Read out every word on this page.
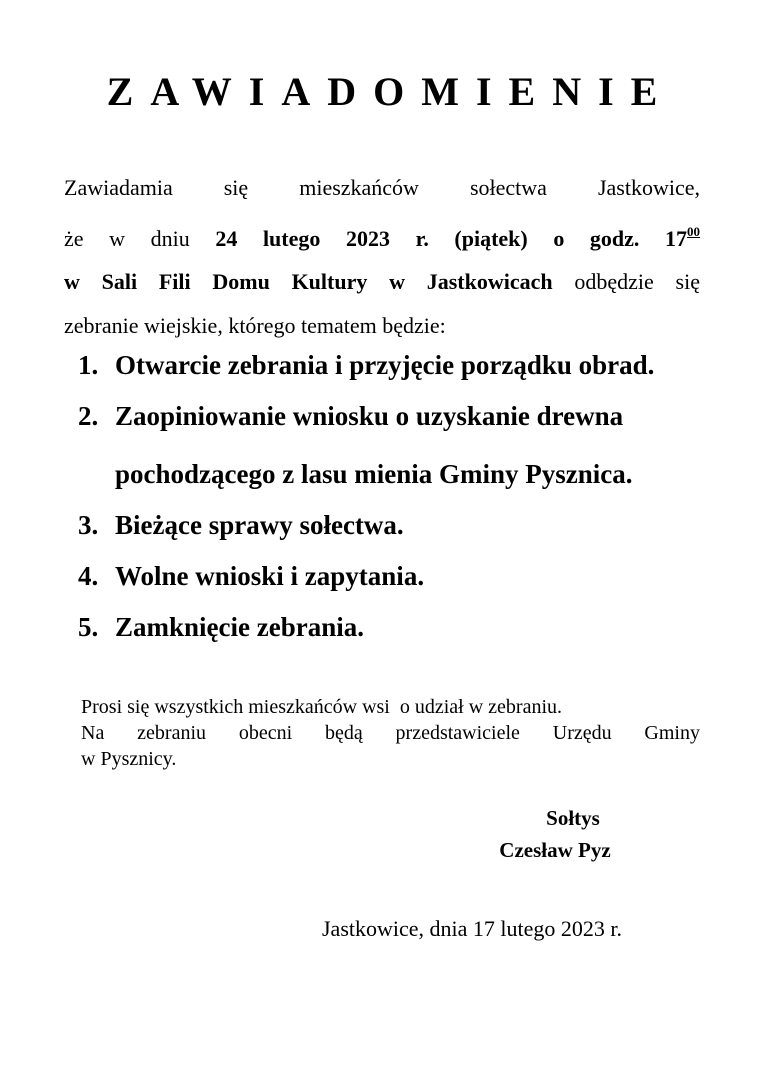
ZAWIADOMIENIE
Zawiadamia się mieszkańców sołectwa Jastkowice,
że w dniu 24 lutego 2023 r. (piątek) o godz. $17^{00}$
w Sali Fili Domu Kultury w Jastkowicach odbędzie się
zebranie wiejskie, którego tematem będzie:
1. Otwarcie zebrania i przyjęcie porządku obrad.
2. Zaopiniowanie wniosku o uzyskanie drewna
pochodzącego z lasu mienia Gminy Pysznica.
3. Bieżące sprawy sołectwa.
4. Wolne wnioski i zapytania.
5. Zamknięcie zebrania.
Prosi się wszystkich mieszkańców wsi  o udział w zebraniu.
Na zebraniu obecni będą przedstawiciele Urzędu Gminy
w Pysznicy.
Sołtys
Czesław Pyz
Jastkowice, dnia 17 lutego 2023 r.
